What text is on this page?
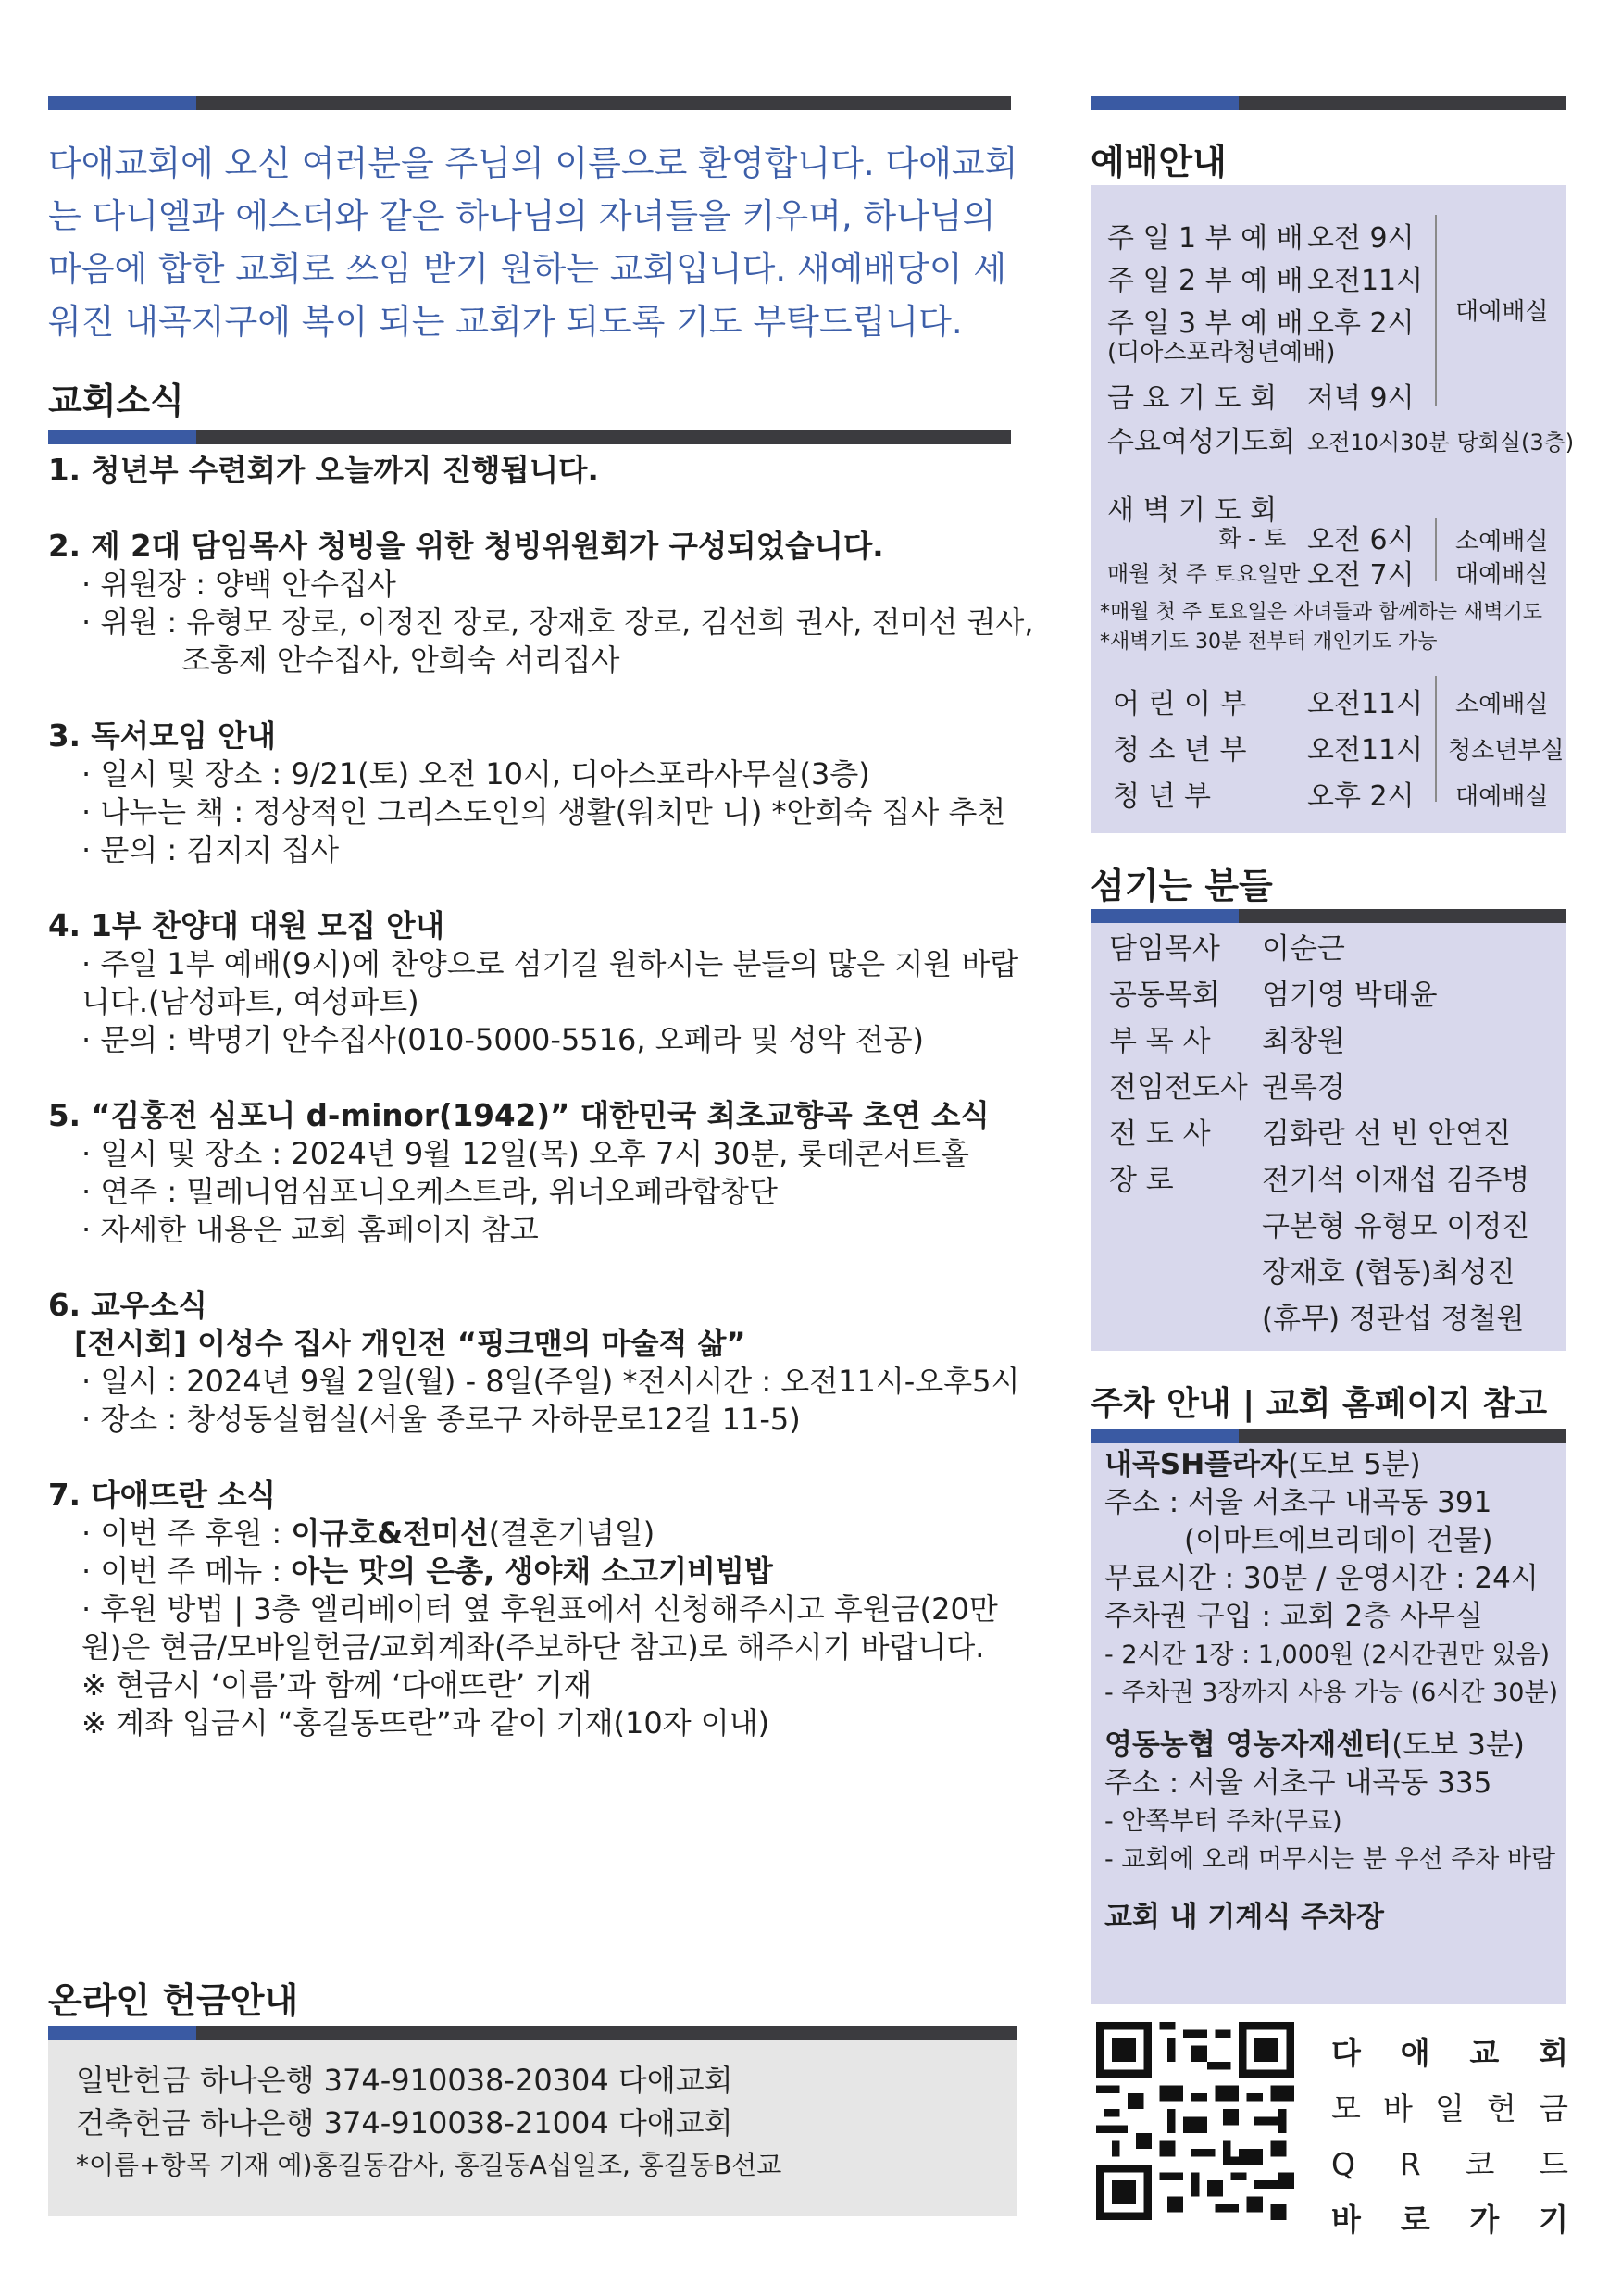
다애교회에 오신 여러분을 주님의 이름으로 환영합니다. 다애교회
는 다니엘과 에스더와 같은 하나님의 자녀들을 키우며, 하나님의
마음에 합한 교회로 쓰임 받기 원하는 교회입니다. 새예배당이 세
워진 내곡지구에 복이 되는 교회가 되도록 기도 부탁드립니다.
교회소식
1. 청년부 수련회가 오늘까지 진행됩니다.
2. 제 2대 담임목사 청빙을 위한 청빙위원회가 구성되었습니다.
· 위원장 : 양백 안수집사
· 위원 : 유형모 장로, 이정진 장로, 장재호 장로, 김선희 권사, 전미선 권사,
조홍제 안수집사, 안희숙 서리집사
3. 독서모임 안내
· 일시 및 장소 : 9/21(토) 오전 10시, 디아스포라사무실(3층)
· 나누는 책 : 정상적인 그리스도인의 생활(워치만 니) *안희숙 집사 추천
· 문의 : 김지지 집사
4. 1부 찬양대 대원 모집 안내
· 주일 1부 예배(9시)에 찬양으로 섬기길 원하시는 분들의 많은 지원 바랍
니다.(남성파트, 여성파트)
· 문의 : 박명기 안수집사(010-5000-5516, 오페라 및 성악 전공)
5. “김홍전 심포니 d-minor(1942)” 대한민국 최초교향곡 초연 소식
· 일시 및 장소 : 2024년 9월 12일(목) 오후 7시 30분, 롯데콘서트홀
· 연주 : 밀레니엄심포니오케스트라, 위너오페라합창단
· 자세한 내용은 교회 홈페이지 참고
6. 교우소식
[전시회] 이성수 집사 개인전 “핑크맨의 마술적 삶”
· 일시 : 2024년 9월 2일(월) - 8일(주일) *전시시간 : 오전11시-오후5시
· 장소 : 창성동실험실(서울 종로구 자하문로12길 11-5)
7. 다애뜨란 소식
· 이번 주 후원 : 이규호&전미선(결혼기념일)
· 이번 주 메뉴 : 아는 맛의 은총, 생야채 소고기비빔밥
· 후원 방법 | 3층 엘리베이터 옆 후원표에서 신청해주시고 후원금(20만
원)은 현금/모바일헌금/교회계좌(주보하단 참고)로 해주시기 바랍니다.
※ 현금시 ‘이름’과 함께 ‘다애뜨란’ 기재
※ 계좌 입금시 “홍길동뜨란”과 같이 기재(10자 이내)
온라인 헌금안내
일반헌금 하나은행 374-910038-20304 다애교회
건축헌금 하나은행 374-910038-21004 다애교회
*이름+항목 기재 예)홍길동감사, 홍길동A십일조, 홍길동B선교
예배안내
주 일 1 부 예 배 오전 9시
주 일 2 부 예 배 오전11시
주 일 3 부 예 배 오후 2시
(디아스포라청년예배)
대예배실
금 요 기 도 회 저녁 9시
수요여성기도회 오전10시30분 당회실(3층)
새 벽 기 도 회
화 - 토 오전 6시 소예배실
매월 첫 주 토요일만 오전 7시 대예배실
*매월 첫 주 토요일은 자녀들과 함께하는 새벽기도
*새벽기도 30분 전부터 개인기도 가능
어 린 이 부 오전11시 소예배실
청 소 년 부 오전11시 청소년부실
청 년 부	오후 2시 대예배실
섬기는 분들
담임목사	이순근
공동목회	엄기영 박태윤
부 목 사	최창원
전임전도사 권록경
전 도 사	김화란 선 빈 안연진
장 로	전기석 이재섭 김주병
구본형 유형모 이정진
장재호 (협동)최성진
(휴무) 정관섭 정철원
주차 안내 | 교회 홈페이지 참고
내곡SH플라자(도보 5분)
주소 : 서울 서초구 내곡동 391
(이마트에브리데이 건물)
무료시간 : 30분 / 운영시간 : 24시
주차권 구입 : 교회 2층 사무실
- 2시간 1장 : 1,000원 (2시간권만 있음)
- 주차권 3장까지 사용 가능 (6시간 30분)
영동농협 영농자재센터(도보 3분)
주소 : 서울 서초구 내곡동 335
- 안쪽부터 주차(무료)
- 교회에 오래 머무시는 분 우선 주차 바람
교회 내 기계식 주차장
다 애 교 회
모 바 일 헌 금
Q R 코 드
바 로 가 기
